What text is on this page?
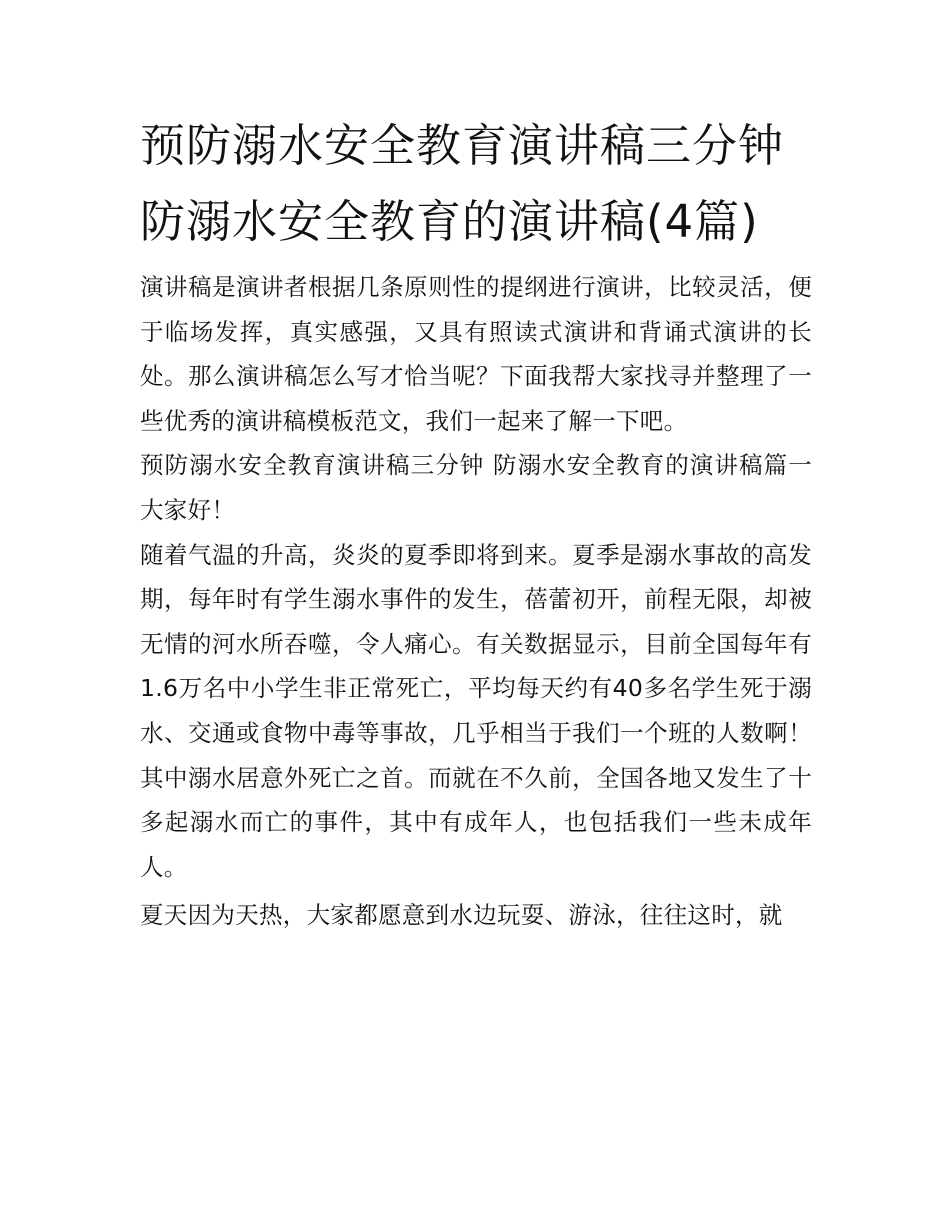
预防溺水安全教育演讲稿三分钟 防溺水安全教育的演讲稿(4篇)

演讲稿是演讲者根据几条原则性的提纲进行演讲，比较灵活，便于临场发挥，真实感强，又具有照读式演讲和背诵式演讲的长处。那么演讲稿怎么写才恰当呢？下面我帮大家找寻并整理了一些优秀的演讲稿模板范文，我们一起来了解一下吧。

预防溺水安全教育演讲稿三分钟 防溺水安全教育的演讲稿篇一 大家好！

随着气温的升高，炎炎的夏季即将到来。夏季是溺水事故的高发期，每年时有学生溺水事件的发生，蓓蕾初开，前程无限，却被无情的河水所吞噬，令人痛心。有关数据显示，目前全国每年有1.6万名中小学生非正常死亡，平均每天约有40多名学生死于溺水、交通或食物中毒等事故，几乎相当于我们一个班的人数啊！其中溺水居意外死亡之首。而就在不久前，全国各地又发生了十多起溺水而亡的事件，其中有成年人，也包括我们一些未成年人。

夏天因为天热，大家都愿意到水边玩耍、游泳，往往这时，就
